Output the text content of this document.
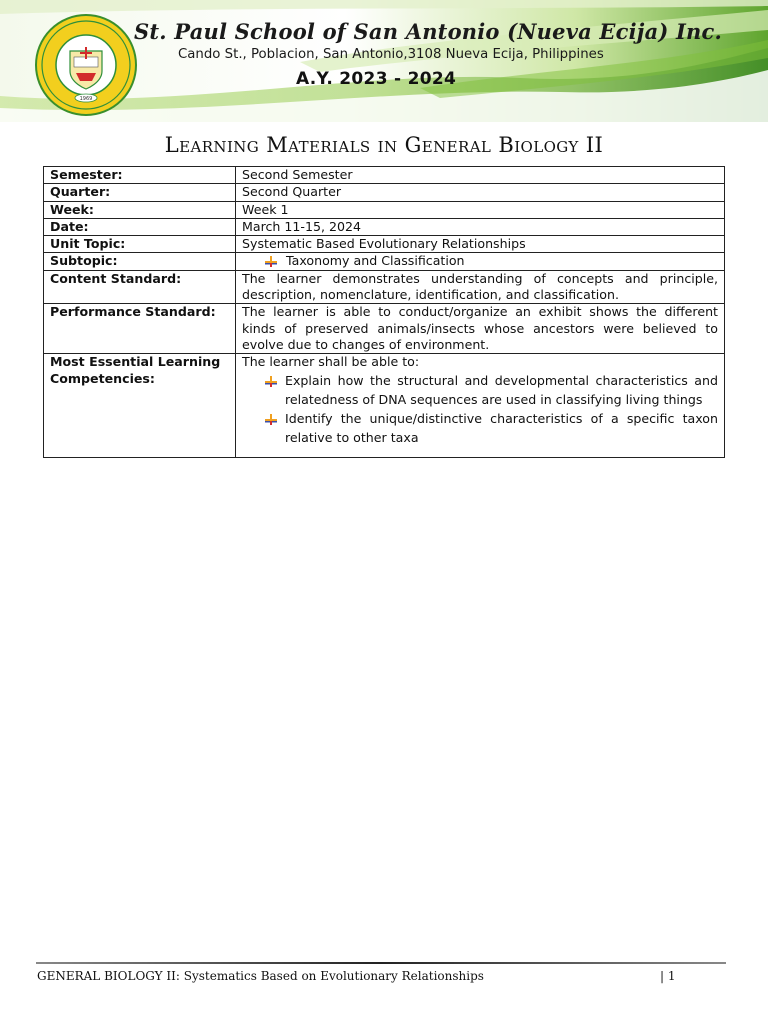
1969
St. Paul School of San Antonio (Nueva Ecija) Inc.
Cando St., Poblacion, San Antonio,3108 Nueva Ecija, Philippines
A.Y. 2023 - 2024
Learning Materials in General Biology II
Semester:	Second Semester
Quarter:	Second Quarter
Week:	Week 1
Date:	March 11-15, 2024
Unit Topic:	Systematic Based Evolutionary Relationships
Subtopic:	Taxonomy and Classification

Content Standard:	The learner demonstrates understanding of concepts and principle, description, nomenclature, identification, and classification.
Performance Standard:	The learner is able to conduct/organize an exhibit shows the different kinds of preserved animals/insects whose ancestors were believed to evolve due to changes of environment.
Most Essential Learning Competencies:	The learner shall be able to:
Explain how the structural and developmental characteristics and relatedness of DNA sequences are used in classifying living things
Identify the unique/distinctive characteristics of a specific taxon relative to other taxa
GENERAL BIOLOGY II: Systematics Based on Evolutionary Relationships	| 1
